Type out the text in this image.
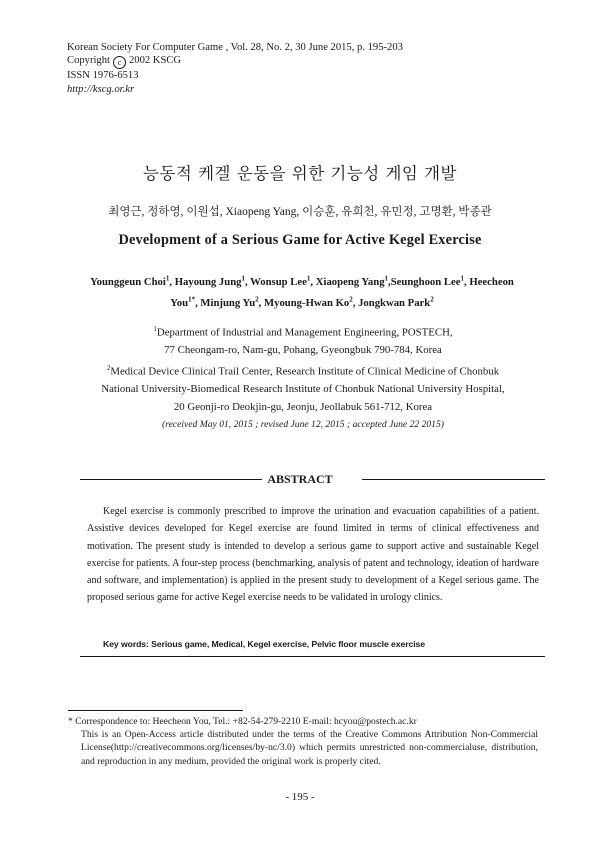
Korean Society For Computer Game , Vol. 28, No. 2, 30 June 2015, p. 195-203
Copyright c 2002 KSCG
ISSN 1976-6513
http://kscg.or.kr
능동적 케겔 운동을 위한 기능성 게임 개발
최영근, 정하영, 이원섭, Xiaopeng Yang, 이승훈, 유희천, 유민정, 고명환, 박종관
Development of a Serious Game for Active Kegel Exercise
Younggeun Choi$^1$, Hayoung Jung$^1$, Wonsup Lee$^1$, Xiaopeng Yang$^1$,Seunghoon Lee$^1$, Heecheon You$^{1*}$, Minjung Yu$^2$, Myoung-Hwan Ko$^2$, Jongkwan Park$^2$
$^1$Department of Industrial and Management Engineering, POSTECH,
77 Cheongam-ro, Nam-gu, Pohang, Gyeongbuk 790-784, Korea
$^2$Medical Device Clinical Trail Center, Research Institute of Clinical Medicine of Chonbuk
National University-Biomedical Research Institute of Chonbuk National University Hospital,
20 Geonji-ro Deokjin-gu, Jeonju, Jeollabuk 561-712, Korea
(received May 01, 2015 ; revised June 12, 2015 ; accepted June 22 2015)
ABSTRACT
Kegel exercise is commonly prescribed to improve the urination and evacuation capabilities of a patient. Assistive devices developed for Kegel exercise are found limited in terms of clinical effectiveness and motivation. The present study is intended to develop a serious game to support active and sustainable Kegel exercise for patients. A four-step process (benchmarking, analysis of patent and technology, ideation of hardware and software, and implementation) is applied in the present study to development of a Kegel serious game. The proposed serious game for active Kegel exercise needs to be validated in urology clinics.
Key words: Serious game, Medical, Kegel exercise, Pelvic floor muscle exercise
* Correspondence to: Heecheon You, Tel.: +82-54-279-2210 E-mail: hcyou@postech.ac.kr
This is an Open-Access article distributed under the terms of the Creative Commons Attribution Non-Commercial License(http://creativecommons.org/licenses/by-nc/3.0) which permits unrestricted non-commercialuse, distribution, and reproduction in any medium, provided the original work is properly cited.
- 195 -
